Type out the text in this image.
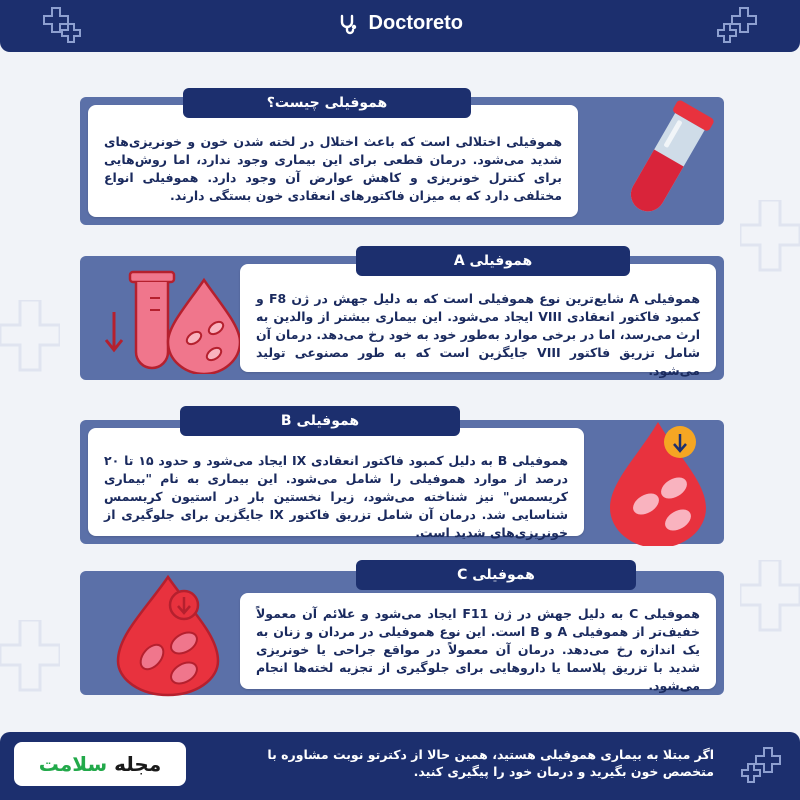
Doctoreto
هموفیلی اختلالی است که باعث اختلال در لخته شدن خون و خونریزی‌های شدید می‌شود. درمان قطعی برای این بیماری وجود ندارد، اما روش‌هایی برای کنترل خونریزی و کاهش عوارض آن وجود دارد. هموفیلی انواع مختلفی دارد که به میزان فاکتورهای انعقادی خون بستگی دارند.
هموفیلی چیست؟
هموفیلی A شایع‌ترین نوع هموفیلی است که به دلیل جهش در ژن F8 و کمبود فاکتور انعقادی VIII ایجاد می‌شود. این بیماری بیشتر از والدین به ارث می‌رسد، اما در برخی موارد به‌طور خود به خود رخ می‌دهد. درمان آن شامل تزریق فاکتور VIII جایگزین است که به طور مصنوعی تولید می‌شود.
هموفیلی A
هموفیلی B به دلیل کمبود فاکتور انعقادی IX ایجاد می‌شود و حدود ۱۵ تا ۲۰ درصد از موارد هموفیلی را شامل می‌شود. این بیماری به نام "بیماری کریسمس" نیز شناخته می‌شود، زیرا نخستین بار در استیون کریسمس شناسایی شد. درمان آن شامل تزریق فاکتور IX جایگزین برای جلوگیری از خونریزی‌های شدید است.
هموفیلی B
هموفیلی C به دلیل جهش در ژن F11 ایجاد می‌شود و علائم آن معمولاً خفیف‌تر از هموفیلی A و B است. این نوع هموفیلی در مردان و زنان به یک اندازه رخ می‌دهد. درمان آن معمولاً در مواقع جراحی یا خونریزی شدید با تزریق پلاسما یا داروهایی برای جلوگیری از تجزیه لخته‌ها انجام می‌شود.
هموفیلی C
مجله سلامت	اگر مبتلا به بیماری هموفیلی هستید، همین حالا از دکترتو نوبت مشاوره با متخصص خون بگیرید و درمان خود را پیگیری کنید.
